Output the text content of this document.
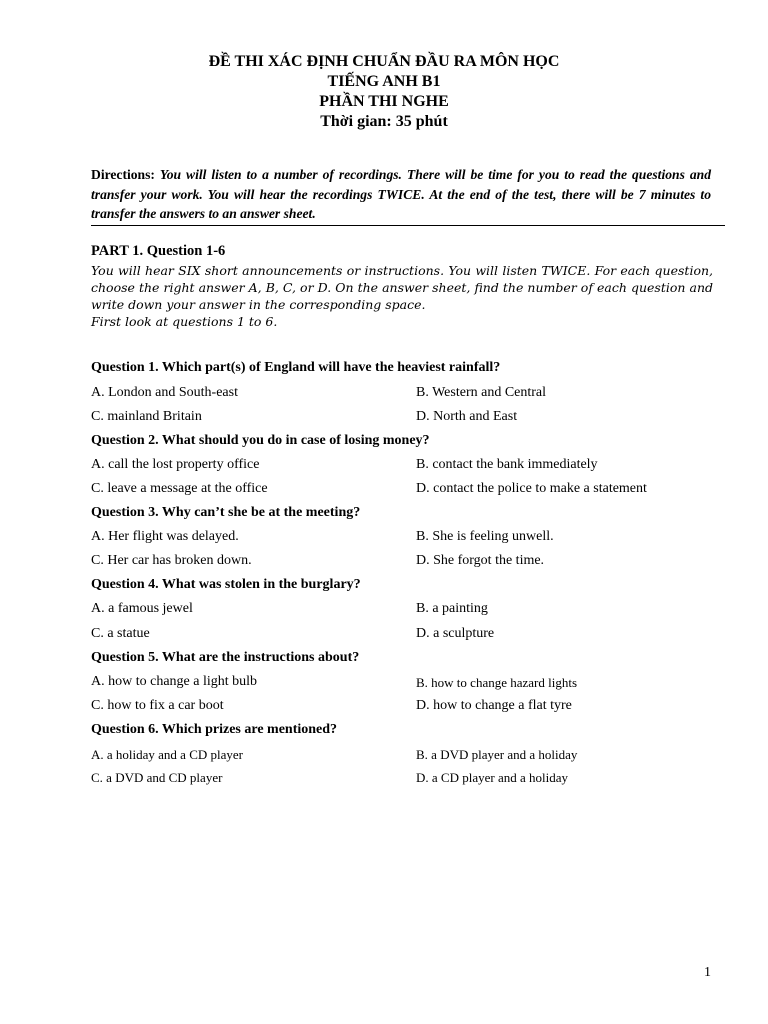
ĐỀ THI XÁC ĐỊNH CHUẨN ĐẦU RA MÔN HỌC
TIẾNG ANH B1
PHẦN THI NGHE
Thời gian: 35 phút
Directions: You will listen to a number of recordings. There will be time for you to read the questions and transfer your work. You will hear the recordings TWICE. At the end of the test, there will be 7 minutes to transfer the answers to an answer sheet.
PART 1. Question 1-6

You will hear SIX short announcements or instructions. You will listen TWICE. For each question, choose the right answer A, B, C, or D. On the answer sheet, find the number of each question and write down your answer in the corresponding space.

First look at questions 1 to 6.

Question 1. Which part(s) of England will have the heaviest rainfall?
A. London and South-east	B. Western and Central
C. mainland Britain	D. North and East
Question 2. What should you do in case of losing money?
A. call the lost property office	B. contact the bank immediately
C. leave a message at the office	D. contact the police to make a statement
Question 3. Why can’t she be at the meeting?
A. Her flight was delayed.	B. She is feeling unwell.
C. Her car has broken down.	D. She forgot the time.
Question 4. What was stolen in the burglary?
A. a famous jewel	B. a painting
C. a statue	D. a sculpture
Question 5. What are the instructions about?
A. how to change a light bulb	B. how to change hazard lights
C. how to fix a car boot	D. how to change a flat tyre
Question 6. Which prizes are mentioned?
A. a holiday and a CD player	B. a DVD player and a holiday
C. a DVD and CD player	D. a CD player and a holiday
1
